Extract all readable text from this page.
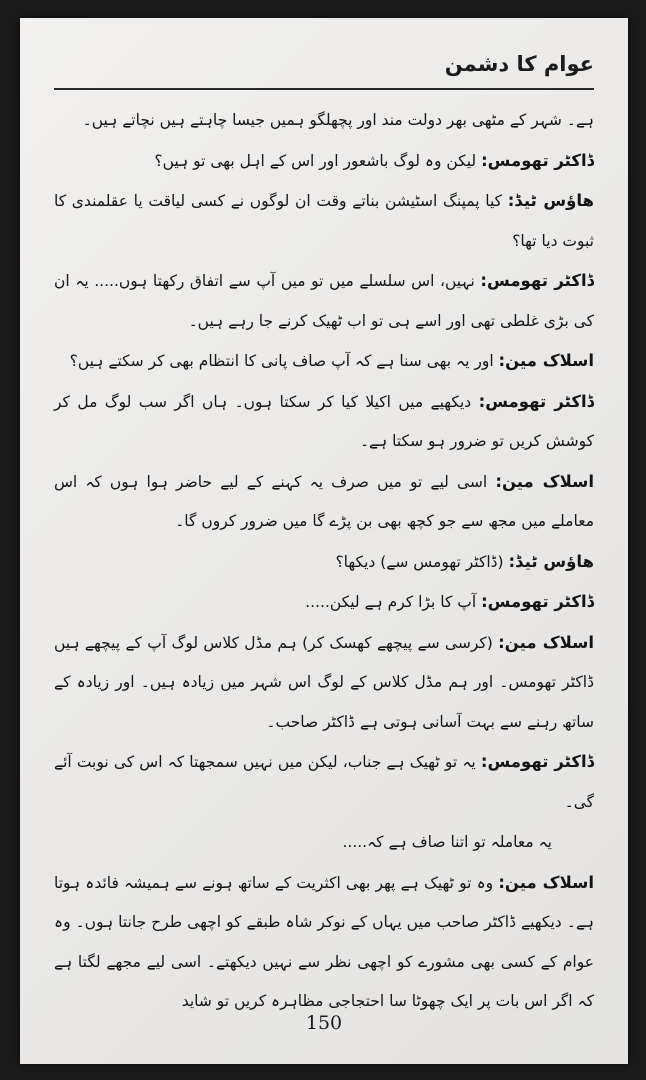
عوام کا دشمن

ہے۔ شہر کے مٹھی بھر دولت مند اور پچھلگو ہمیں جیسا چاہتے ہیں نچاتے ہیں۔

ڈاکٹر تھومس: لیکن وہ لوگ باشعور اور اس کے اہل بھی تو ہیں؟

ھاؤس ٹیڈ: کیا پمپنگ اسٹیشن بناتے وقت ان لوگوں نے کسی لیاقت یا عقلمندی کا ثبوت دیا تھا؟

ڈاکٹر تھومس: نہیں، اس سلسلے میں تو میں آپ سے اتفاق رکھتا ہوں..... یہ ان کی بڑی غلطی تھی اور اسے ہی تو اب ٹھیک کرنے جا رہے ہیں۔

اسلاک مین: اور یہ بھی سنا ہے کہ آپ صاف پانی کا انتظام بھی کر سکتے ہیں؟

ڈاکٹر تھومس: دیکھیے میں اکیلا کیا کر سکتا ہوں۔ ہاں اگر سب لوگ مل کر کوشش کریں تو ضرور ہو سکتا ہے۔

اسلاک مین: اسی لیے تو میں صرف یہ کہنے کے لیے حاضر ہوا ہوں کہ اس معاملے میں مجھ سے جو کچھ بھی بن پڑے گا میں ضرور کروں گا۔

ھاؤس ٹیڈ: (ڈاکٹر تھومس سے) دیکھا؟

ڈاکٹر تھومس: آپ کا بڑا کرم ہے لیکن.....

اسلاک مین: (کرسی سے پیچھے کھسک کر) ہم مڈل کلاس لوگ آپ کے پیچھے ہیں ڈاکٹر تھومس۔ اور ہم مڈل کلاس کے لوگ اس شہر میں زیادہ ہیں۔ اور زیادہ کے ساتھ رہنے سے بہت آسانی ہوتی ہے ڈاکٹر صاحب۔

ڈاکٹر تھومس: یہ تو ٹھیک ہے جناب، لیکن میں نہیں سمجھتا کہ اس کی نوبت آئے گی۔

یہ معاملہ تو اتنا صاف ہے کہ.....

اسلاک مین: وہ تو ٹھیک ہے پھر بھی اکثریت کے ساتھ ہونے سے ہمیشہ فائدہ ہوتا ہے۔ دیکھیے ڈاکٹر صاحب میں یہاں کے نوکر شاہ طبقے کو اچھی طرح جانتا ہوں۔ وہ عوام کے کسی بھی مشورے کو اچھی نظر سے نہیں دیکھتے۔ اسی لیے مجھے لگتا ہے کہ اگر اس بات پر ایک چھوٹا سا احتجاجی مظاہرہ کریں تو شاید

150
